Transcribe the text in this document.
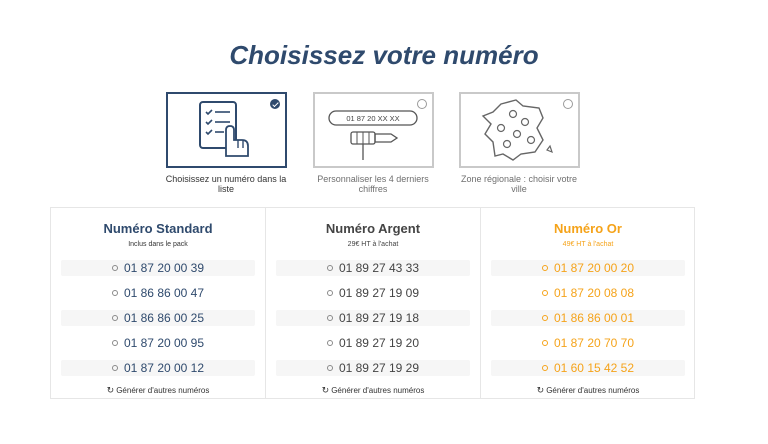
Choisissez votre numéro
Choisissez un numéro dans la liste
01 87 20 XX XX
Personnaliser les 4 derniers chiffres
Zone régionale : choisir votre ville
Numéro Standard
Inclus dans le pack
01 87 20 00 39
01 86 86 00 47
01 86 86 00 25
01 87 20 00 95
01 87 20 00 12
↻ Générer d'autres numéros
Numéro Argent
29€ HT à l'achat
01 89 27 43 33
01 89 27 19 09
01 89 27 19 18
01 89 27 19 20
01 89 27 19 29
↻ Générer d'autres numéros
Numéro Or
49€ HT à l'achat
01 87 20 00 20
01 87 20 08 08
01 86 86 00 01
01 87 20 70 70
01 60 15 42 52
↻ Générer d'autres numéros
